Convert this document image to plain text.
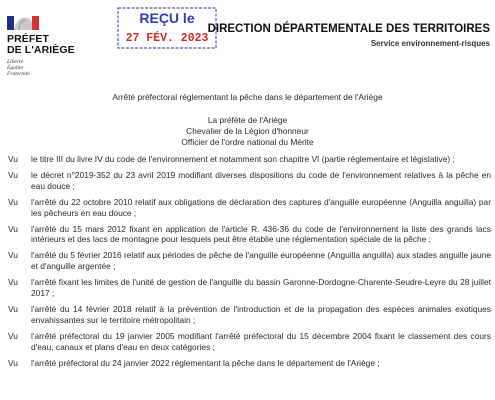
PRÉFET
DE L'ARIÈGE
Liberté
Égalité
Fraternité
REÇU le
27 FÉV. 2023
DIRECTION DÉPARTEMENTALE DES TERRITOIRES
Service environnement-risques
Arrêté préfectoral réglementant la pêche dans le département de l'Ariège
La préfète de l'Ariège
Chevalier de la Légion d'honneur
Officier de l'ordre national du Mérite
Vu	le titre III du livre IV du code de l'environnement et notamment son chapitre VI (partie réglementaire et législative) ;
Vu	le décret n°2019-352 du 23 avril 2019 modifiant diverses dispositions du code de l'environnement relatives à la pêche en eau douce ;
Vu	l'arrêté du 22 octobre 2010 relatif aux obligations de déclaration des captures d'anguille européenne (Anguilla anguilla) par les pêcheurs en eau douce ;
Vu	l'arrêté du 15 mars 2012 fixant en application de l'article R. 436-36 du code de l'environnement la liste des grands lacs intérieurs et des lacs de montagne pour lesquels peut être établie une réglementation spéciale de la pêche ;
Vu	l'arrêté du 5 février 2016 relatif aux périodes de pêche de l'anguille européenne (Anguilla anguilla) aux stades anguille jaune et d'anguille argentée ;
Vu	l'arrêté fixant les limites de l'unité de gestion de l'anguille du bassin Garonne-Dordogne-Charente-Seudre-Leyre du 28 juillet 2017 ;
Vu	l'arrêté du 14 février 2018 relatif à la prévention de l'introduction et de la propagation des espèces animales exotiques envahissantes sur le territoire métropolitain ;
Vu	l'arrêté préfectoral du 19 janvier 2005 modifiant l'arrêté préfectoral du 15 décembre 2004 fixant le classement des cours d'eau, canaux et plans d'eau en deux catégories ;
Vu	l'arrêté préfectoral du 24 janvier 2022 réglementant la pêche dans le département de l'Ariège ;
